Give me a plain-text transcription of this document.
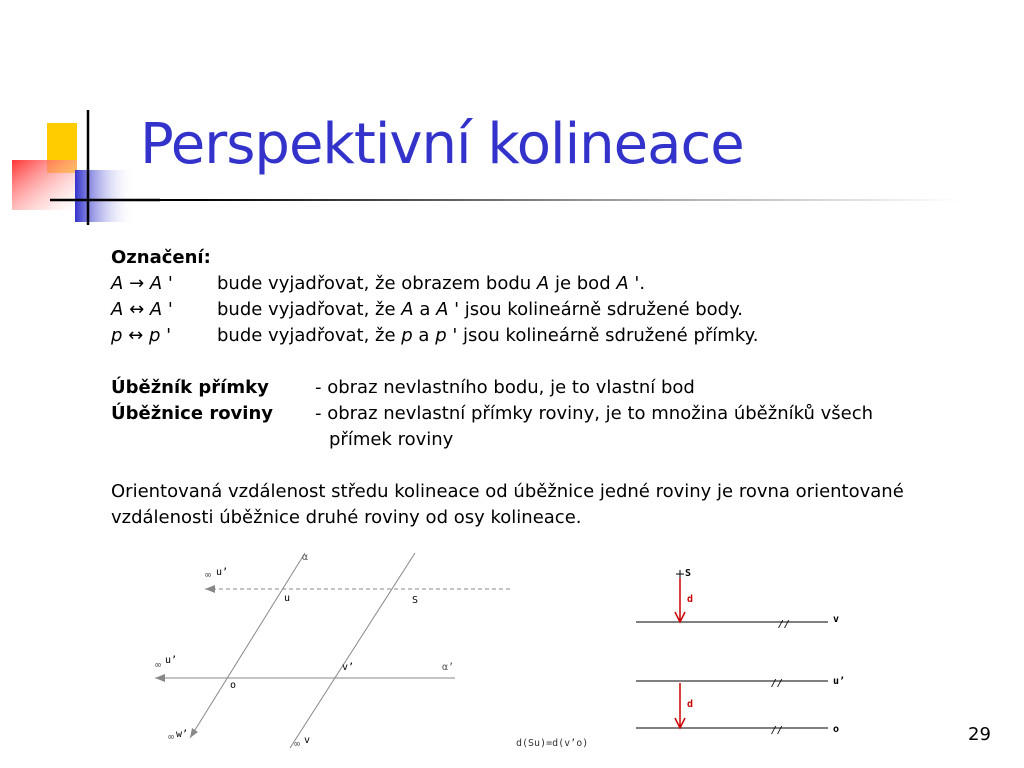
Perspektivní kolineace
Označení:
A → A ' bude vyjadřovat, že obrazem bodu A je bod A '.
A ↔ A ' bude vyjadřovat, že A a A ' jsou kolineárně sdružené body.
p ↔ p '	bude vyjadřovat, že p a p ' jsou kolineárně sdružené přímky.
Úběžník přímky	- obraz nevlastního bodu, je to vlastní bod
Úběžnice roviny - obraz nevlastní přímky roviny, je to množina úběžníků všech
přímek roviny
Orientovaná vzdálenost středu kolineace od úběžnice jedné roviny je rovna orientované vzdálenosti úběžnice druhé roviny od osy kolineace.
α
∞ u’
u	S
∞ u’
v’	α’
o
∞ w’
∞ v	d(Su)=d(v’o)
S
d
v
u’
d
o
//
//
//	29
